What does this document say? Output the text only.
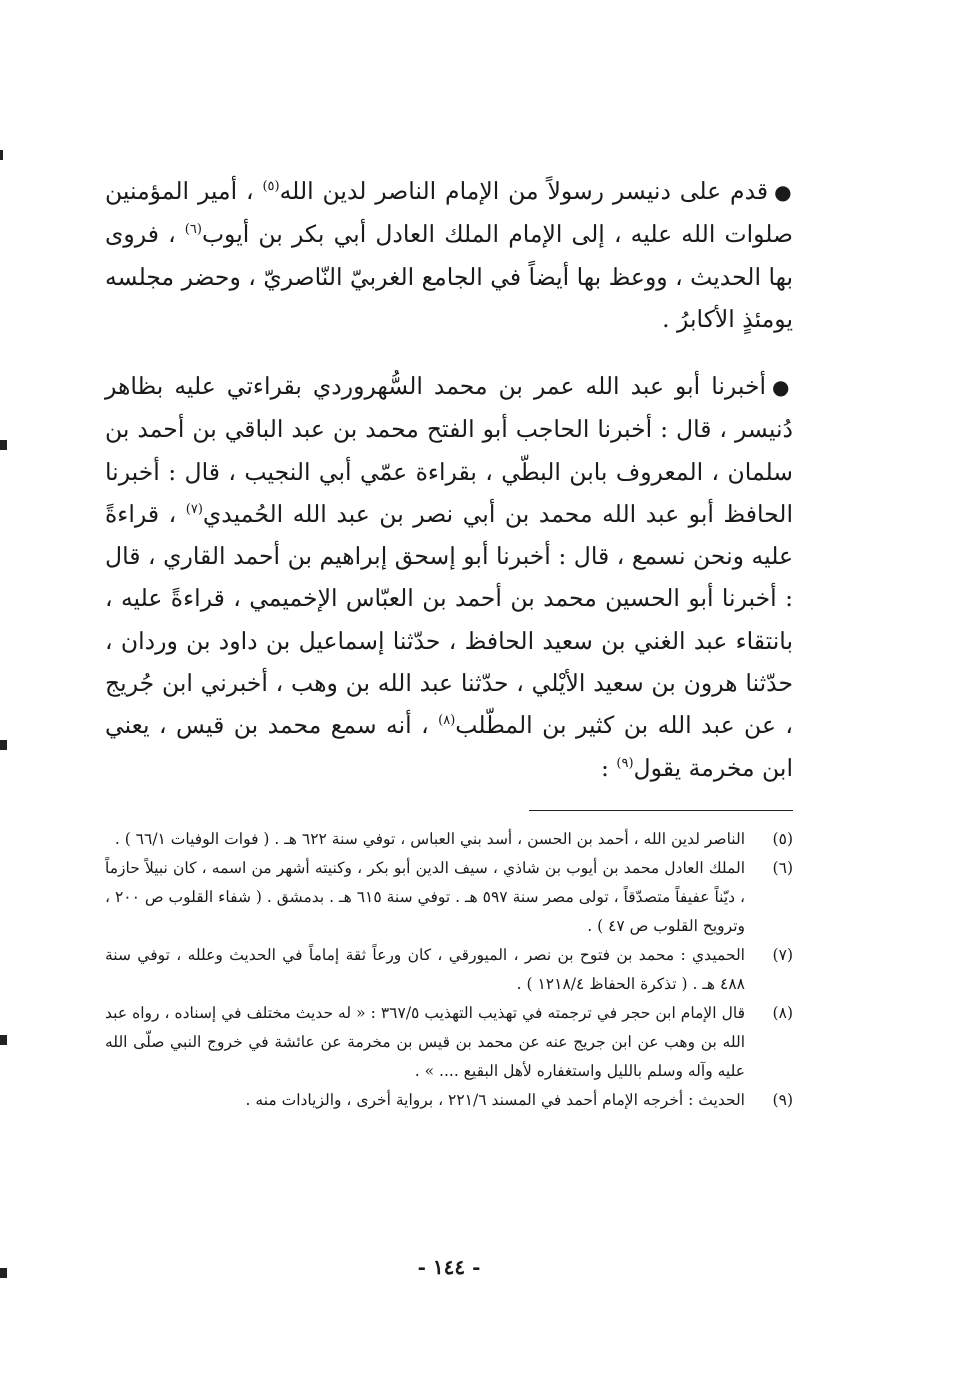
●قدم على دنيسر رسولاً من الإمام الناصر لدين الله$^{(٥)}$ ، أمير المؤمنين صلوات الله عليه ، إلى الإمام الملك العادل أبي بكر بن أيوب$^{(٦)}$ ، فروى بها الحديث ، ووعظ بها أيضاً في الجامع الغربيّ النّاصريّ ، وحضر مجلسه يومئذٍ الأكابرُ .

●أخبرنا أبو عبد الله عمر بن محمد السُّهروردي بقراءتي عليه بظاهر دُنيسر ، قال : أخبرنا الحاجب أبو الفتح محمد بن عبد الباقي بن أحمد بن سلمان ، المعروف بابن البطّي ، بقراءة عمّي أبي النجيب ، قال : أخبرنا الحافظ أبو عبد الله محمد بن أبي نصر بن عبد الله الحُميدي$^{(٧)}$ ، قراءةً عليه ونحن نسمع ، قال : أخبرنا أبو إسحق إبراهيم بن أحمد القاري ، قال : أخبرنا أبو الحسين محمد بن أحمد بن العبّاس الإخميمي ، قراءةً عليه ، بانتقاء عبد الغني بن سعيد الحافظ ، حدّثنا إسماعيل بن داود بن وردان ، حدّثنا هرون بن سعيد الأيْلي ، حدّثنا عبد الله بن وهب ، أخبرني ابن جُريج ، عن عبد الله بن كثير بن المطّلب$^{(٨)}$ ، أنه سمع محمد بن قيس ، يعني ابن مخرمة يقول$^{(٩)}$ :

(٥)
الناصر لدين الله ، أحمد بن الحسن ، أسد بني العباس ، توفي سنة ٦٢٢ هـ . ( فوات الوفيات ٦٦/١ ) .
(٦)
الملك العادل محمد بن أيوب بن شاذي ، سيف الدين أبو بكر ، وكنيته أشهر من اسمه ، كان نبيلاً حازماً ، ديّناً عفيفاً متصدّقاً ، تولى مصر سنة ٥٩٧ هـ . توفي سنة ٦١٥ هـ . بدمشق . ( شفاء القلوب ص ٢٠٠ ، وترويح القلوب ص ٤٧ ) .
(٧)
الحميدي : محمد بن فتوح بن نصر ، الميورقي ، كان ورعاً ثقة إماماً في الحديث وعلله ، توفي سنة ٤٨٨ هـ . ( تذكرة الحفاظ ١٢١٨/٤ ) .
(٨)
قال الإمام ابن حجر في ترجمته في تهذيب التهذيب ٣٦٧/٥ : « له حديث مختلف في إسناده ، رواه عبد الله بن وهب عن ابن جريج عنه عن محمد بن قيس بن مخرمة عن عائشة في خروج النبي صلّى الله عليه وآله وسلم بالليل واستغفاره لأهل البقيع .... » .
(٩)
الحديث : أخرجه الإمام أحمد في المسند ٢٢١/٦ ، برواية أخرى ، والزيادات منه .
- ١٤٤ -
